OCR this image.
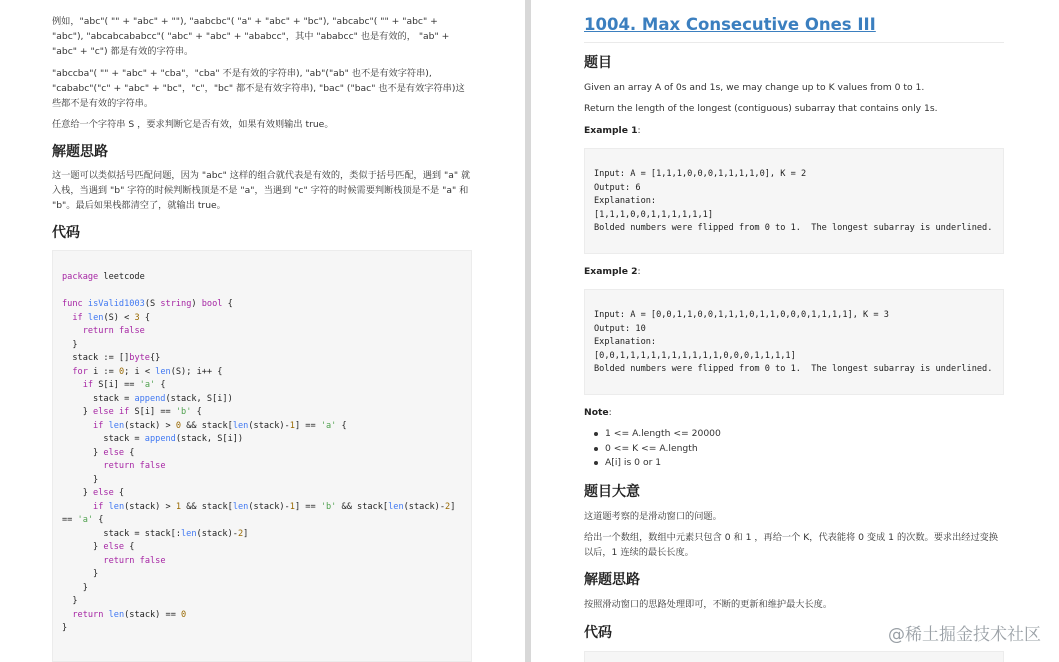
例如，"abc"( "" + "abc" + ""), "aabcbc"( "a" + "abc" + "bc"), "abcabc"( "" + "abc" + "abc"), "abcabcababcc"( "abc" + "abc" + "ababcc"，其中 "ababcc" 也是有效的， "ab" + "abc" + "c") 都是有效的字符串。

"abccba"( "" + "abc" + "cba"，"cba" 不是有效的字符串), "ab"("ab" 也不是有效字符串), "cababc"("c" + "abc" + "bc"，"c"，"bc" 都不是有效字符串), "bac" ("bac" 也不是有效字符串)这些都不是有效的字符串。

任意给一个字符串 S ，要求判断它是否有效，如果有效则输出 true。

解题思路

这一题可以类似括号匹配问题，因为 "abc" 这样的组合就代表是有效的，类似于括号匹配，遇到 "a" 就入栈，当遇到 "b" 字符的时候判断栈顶是不是 "a"，当遇到 "c" 字符的时候需要判断栈顶是不是 "a" 和 "b"。最后如果栈都清空了，就输出 true。

代码
package leetcode

func isValid1003(S string) bool {
if len(S) < 3 {
return false
}
stack := []byte{}
for i := 0; i < len(S); i++ {
if S[i] == 'a' {
stack = append(stack, S[i])
} else if S[i] == 'b' {
if len(stack) > 0 && stack[len(stack)-1] == 'a' {
stack = append(stack, S[i])
} else {
return false
}
} else {
if len(stack) > 1 && stack[len(stack)-1] == 'b' && stack[len(stack)-2]
== 'a' {
stack = stack[:len(stack)-2]
} else {
return false
}
}
}
return len(stack) == 0
}
1004. Max Consecutive Ones III
题目

Given an array A of 0s and 1s, we may change up to K values from 0 to 1.

Return the length of the longest (contiguous) subarray that contains only 1s.

Example 1:

Example 2:

Note:

1 <= A.length <= 20000
0 <= K <= A.length
A[i] is 0 or 1
题目大意

这道题考察的是滑动窗口的问题。

给出一个数组，数组中元素只包含 0 和 1 ，再给一个 K，代表能将 0 变成 1 的次数。要求出经过变换以后，1 连续的最长长度。

解题思路

按照滑动窗口的思路处理即可，不断的更新和维护最大长度。

代码
Input: A = [1,1,1,0,0,0,1,1,1,1,0], K = 2
Output: 6
Explanation:
[1,1,1,0,0,1,1,1,1,1,1]
Bolded numbers were flipped from 0 to 1.  The longest subarray is underlined.
Input: A = [0,0,1,1,0,0,1,1,1,0,1,1,0,0,0,1,1,1,1], K = 3
Output: 10
Explanation:
[0,0,1,1,1,1,1,1,1,1,1,1,0,0,0,1,1,1,1]
Bolded numbers were flipped from 0 to 1.  The longest subarray is underlined.
@稀土掘金技术社区
